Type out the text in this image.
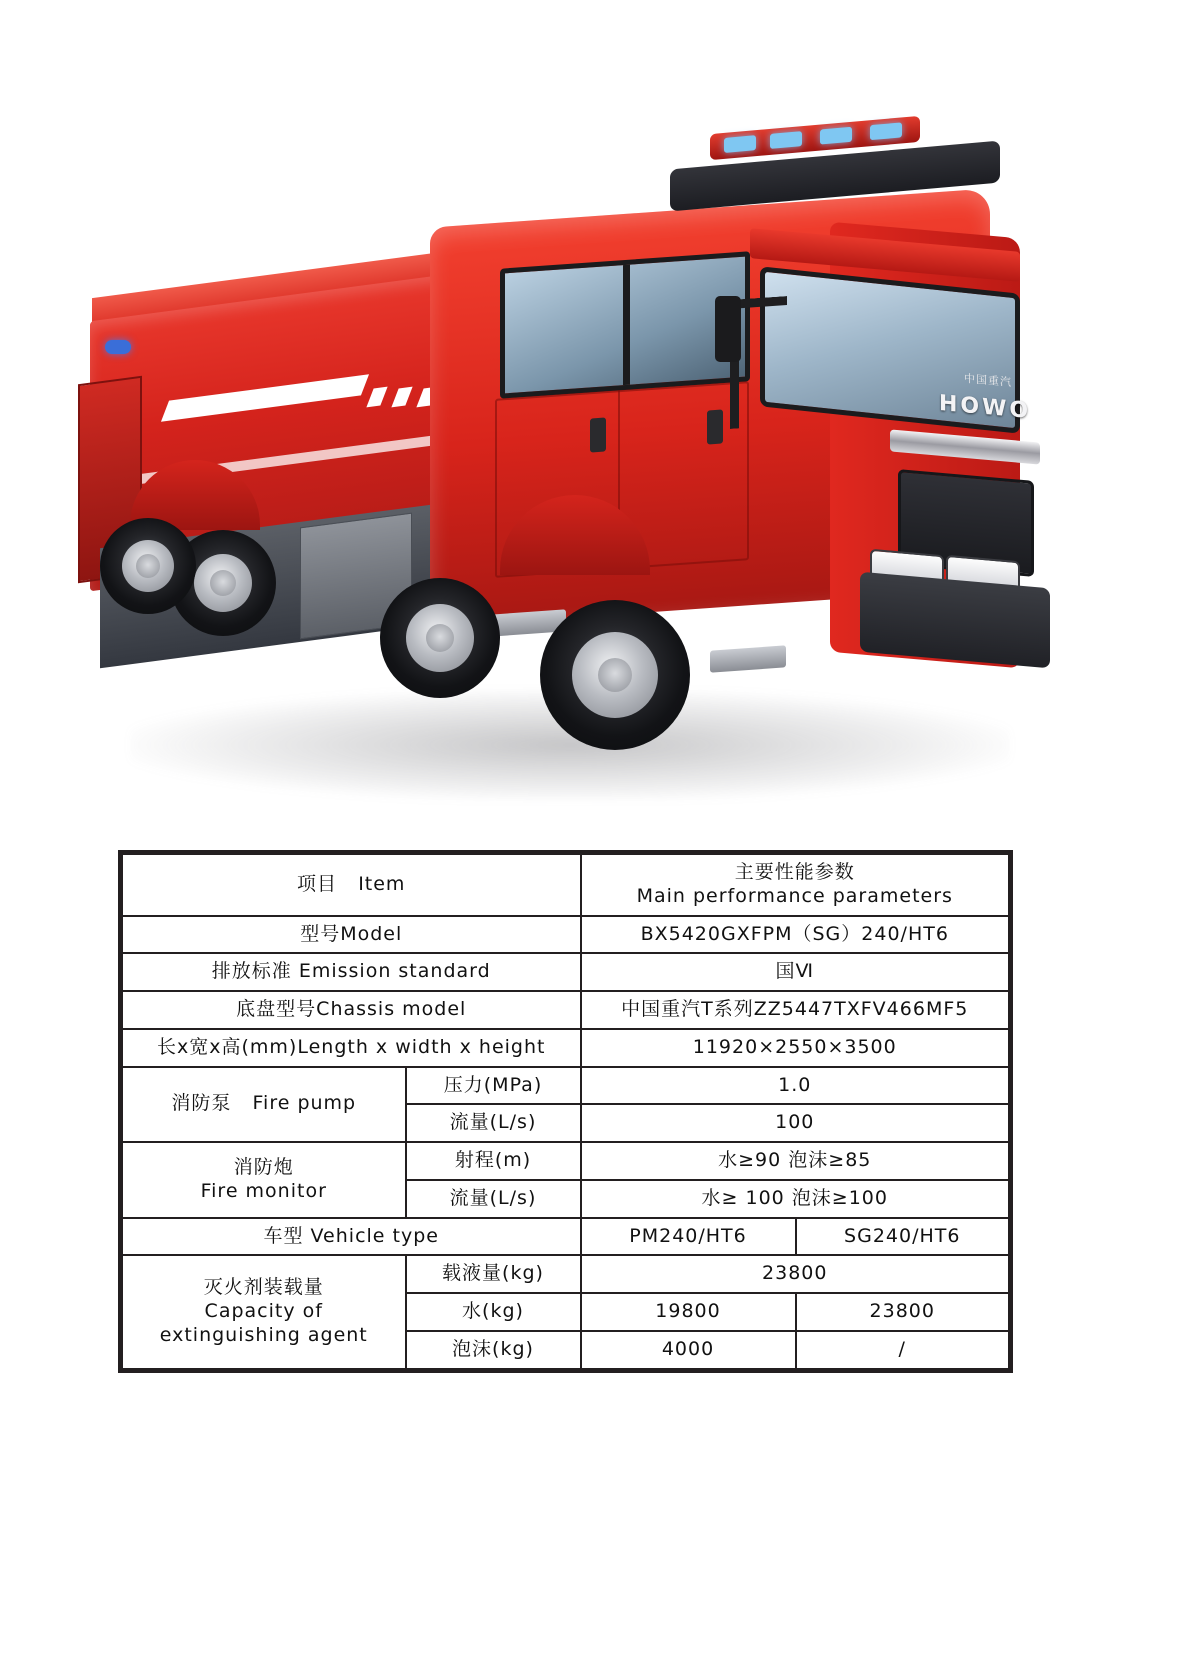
中国重汽
HOWO
项目 Item		主要性能参数
Main performance parameters	

型号Model		BX5420GXFPM（SG）240/HT6	
排放标准 Emission standard		国Ⅵ	
底盘型号Chassis model		中国重汽T系列ZZ5447TXFV466MF5	
长x宽x高(mm)Length x width x height		11920×2550×3500	
消防泵 Fire pump	压力(MPa)	1.0	
	流量(L/s)	100	

消防炮
Fire monitor	射程(m)	水≥90 泡沫≥85	
	流量(L/s)	水≥ 100 泡沫≥100	
车型 Vehicle type		PM240/HT6	SG240/HT6

灭火剂装载量
Capacity of
extinguishing agent	载液量(kg)	23800	
	水(kg)	19800	23800
	泡沫(kg)	4000	/
